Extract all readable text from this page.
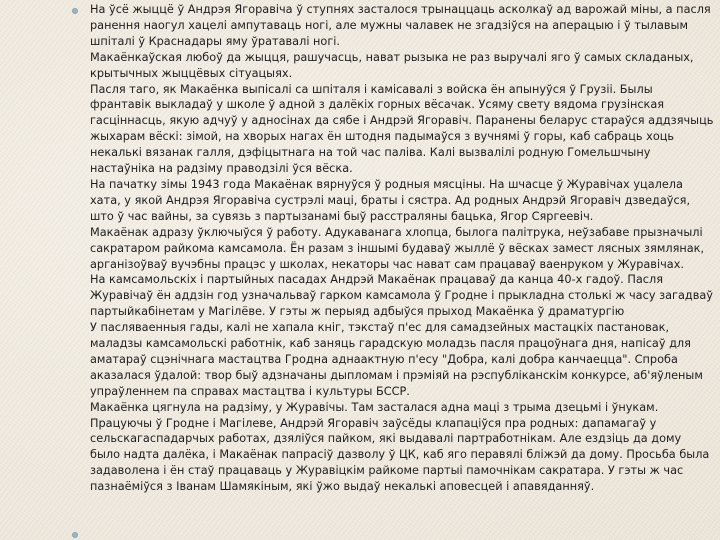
На ўсё жыццё ў Андрэя Ягоравіча ў ступнях засталося трынаццаць асколкаў ад варожай міны, а пасля ранення наогул хацелі ампутаваць ногі, але мужны чалавек не згадзіўся на аперацыю і ў тылавым шпіталі ў Краснадары яму ўратавалі ногі.

Макаёнкаўская любоў да жыцця, рашучасць, нават рызыка не раз выручалі яго ў самых складаных, крытычных жыццёвых сітуацыях.

Пасля таго, як Макаёнка выпісалі са шпіталя і камісавалі з войска ён апынуўся ў Грузіі. Былы франтавік выкладаў у школе ў адной з далёкіх горных вёсачак. Усяму свету вядома грузінская гасціннасць, якую адчуў у адносінах да сябе і Андрэй Ягоравіч. Паранены беларус стараўся аддзячыць жыхарам вёскі: зімой, на хворых нагах ён штодня падымаўся з вучнямі ў горы, каб сабраць хоць некалькі вязанак галля, дэфіцытнага на той час паліва. Калі вызвалілі родную Гомельшчыну настаўніка на радзіму праводзілі ўся вёска.

На пачатку зімы 1943 года Макаёнак вярнуўся ў родныя мясціны. На шчасце ў Журавічах уцалела хата, у якой Андрэя Ягоравіча сустрэлі маці, браты і сястра. Ад родных Андрэй Ягоравіч дзведаўся, што ў час вайны, за сувязь з партызанамі быў расстраляны бацька, Ягор Сяргеевіч.

Макаёнак адразу ўключыўся ў работу. Адукаванага хлопца, былога палітрука, неўзабаве прызначылі сакратаром райкома камсамола. Ён разам з іншымі будаваў жыллё ў вёсках замест лясных зямлянак, арганізоўваў вучэбны працэс у школах, некаторы час нават сам працаваў ваенруком у Журавічах.

На камсамольскіх і партыйных пасадах Андрэй Макаёнак працаваў да канца 40-х гадоў. Пасля Журавічаў ён аддзін год узначальваў гарком камсамола ў Гродне і прыкладна столькі ж часу загадваў партыйкабінетам у Магілёве. У гэты ж перыяд адбыўся прыход Макаёнка ў драматургію

У пасляваенныя гады, калі не хапала кніг, тэкстаў п'ес для самадзейных мастацкіх пастановак, маладзы камсамольскі работнік, каб заняць гарадскую моладзь пасля працоўнага дня, напісаў для аматараў сцэнічнага мастацтва Гродна аднаактную п'есу "Добра, калі добра канчаецца". Спроба аказалася ўдалой: твор быў адзначаны дыпломам і прэміяй на рэспубліканскім конкурсе, аб'яўленым упраўленнем па справах мастацтва і культуры БССР.

Макаёнка цягнула на радзіму, у Журавічы. Там засталася адна маці з трыма дзецьмі і ўнукам. Працуючы ў Гродне і Магілеве, Андрэй Ягоравіч заўсёды клапаціўся пра родных: дапамагаў у сельскагаспадарчых работах, дзяліўся пайком, які выдавалі партработнікам. Але ездзіць да дому было надта далёка, і Макаёнак папрасіў дазволу ў ЦК, каб яго перавялі бліжэй да дому. Просьба была задаволена і ён стаў працаваць у Журавіцкім райкоме партыі памочнікам сакратара. У гэты ж час пазнаёміўся з Іванам Шамякіным, які ўжо выдаў некалькі аповесцей і апавяданняў.
